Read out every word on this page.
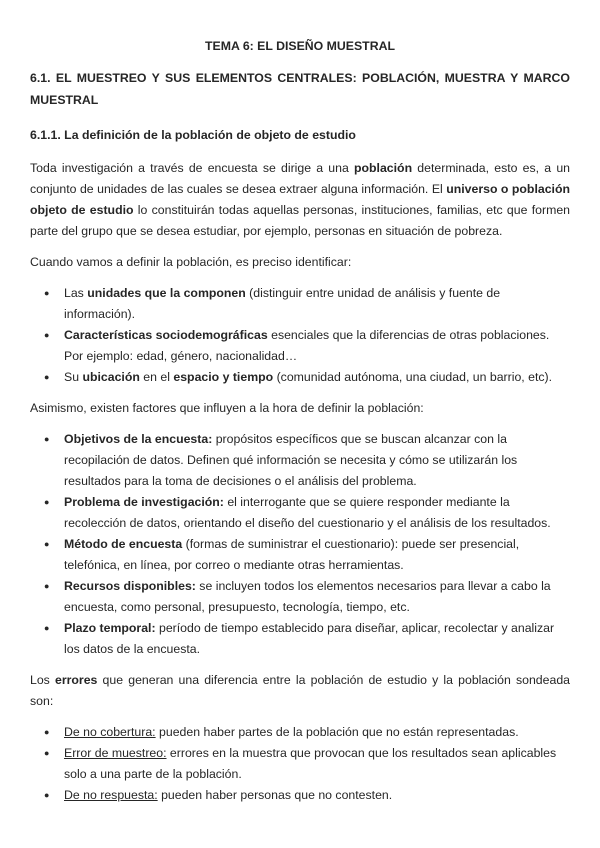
TEMA 6: EL DISEÑO MUESTRAL
6.1. EL MUESTREO Y SUS ELEMENTOS CENTRALES: POBLACIÓN, MUESTRA Y MARCO MUESTRAL
6.1.1. La definición de la población de objeto de estudio

Toda investigación a través de encuesta se dirige a una población determinada, esto es, a un conjunto de unidades de las cuales se desea extraer alguna información. El universo o población objeto de estudio lo constituirán todas aquellas personas, instituciones, familias, etc que formen parte del grupo que se desea estudiar, por ejemplo, personas en situación de pobreza.

Cuando vamos a definir la población, es preciso identificar:

● Las unidades que la componen (distinguir entre unidad de análisis y fuente de información).
● Características sociodemográficas esenciales que la diferencias de otras poblaciones. Por ejemplo: edad, género, nacionalidad…
● Su ubicación en el espacio y tiempo (comunidad autónoma, una ciudad, un barrio, etc).

Asimismo, existen factores que influyen a la hora de definir la población:

● Objetivos de la encuesta: propósitos específicos que se buscan alcanzar con la recopilación de datos. Definen qué información se necesita y cómo se utilizarán los resultados para la toma de decisiones o el análisis del problema.
● Problema de investigación: el interrogante que se quiere responder mediante la recolección de datos, orientando el diseño del cuestionario y el análisis de los resultados.
● Método de encuesta (formas de suministrar el cuestionario): puede ser presencial, telefónica, en línea, por correo o mediante otras herramientas.
● Recursos disponibles: se incluyen todos los elementos necesarios para llevar a cabo la encuesta, como personal, presupuesto, tecnología, tiempo, etc.
● Plazo temporal: período de tiempo establecido para diseñar, aplicar, recolectar y analizar los datos de la encuesta.

Los errores que generan una diferencia entre la población de estudio y la población sondeada son:

● De no cobertura: pueden haber partes de la población que no están representadas.
● Error de muestreo: errores en la muestra que provocan que los resultados sean aplicables solo a una parte de la población.
● De no respuesta: pueden haber personas que no contesten.
